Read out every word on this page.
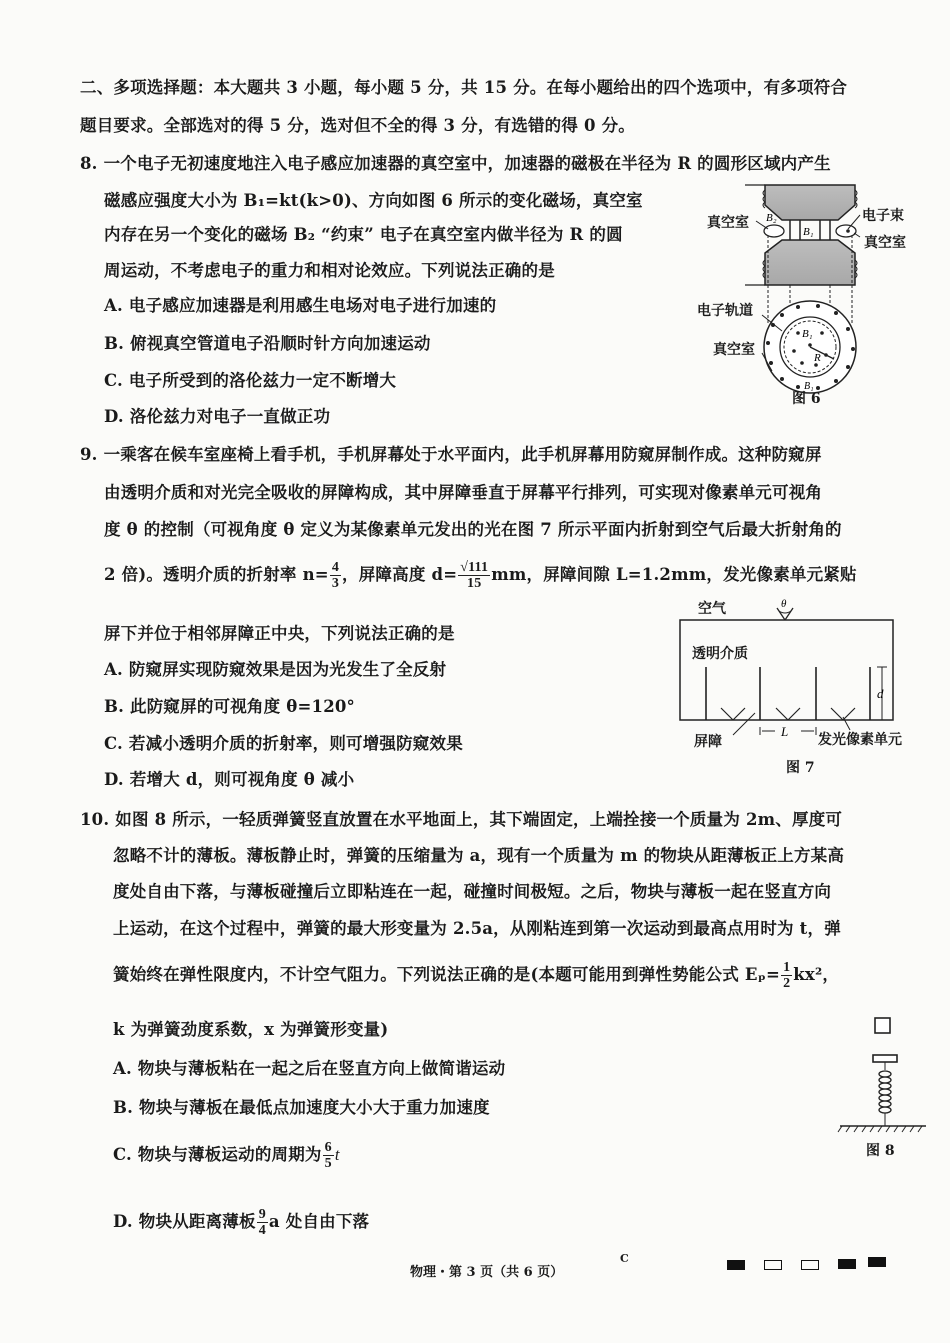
二、多项选择题：本大题共 3 小题，每小题 5 分，共 15 分。在每小题给出的四个选项中，有多项符合
题目要求。全部选对的得 5 分，选对但不全的得 3 分，有选错的得 0 分。
8. 一个电子无初速度地注入电子感应加速器的真空室中，加速器的磁极在半径为 R 的圆形区域内产生
磁感应强度大小为 B₁=kt(k>0)、方向如图 6 所示的变化磁场，真空室
内存在另一个变化的磁场 B₂ “约束” 电子在真空室内做半径为 R 的圆
周运动，不考虑电子的重力和相对论效应。下列说法正确的是
A. 电子感应加速器是利用感生电场对电子进行加速的
B. 俯视真空管道电子沿顺时针方向加速运动
C. 电子所受到的洛伦兹力一定不断增大
D. 洛伦兹力对电子一直做正功
B₁
B₂
B₁
R
B₁
真空室	电子束
真空室
电子轨道
真空室
图 6
9. 一乘客在候车室座椅上看手机，手机屏幕处于水平面内，此手机屏幕用防窥屏制作成。这种防窥屏
由透明介质和对光完全吸收的屏障构成，其中屏障垂直于屏幕平行排列，可实现对像素单元可视角
度 θ 的控制（可视角度 θ 定义为某像素单元发出的光在图 7 所示平面内折射到空气后最大折射角的
2 倍)。透明介质的折射率 $n= \frac{4}{3}$ ，屏障高度 $d= \frac{√111}{15}$ mm，屏障间隙 L=1.2mm，发光像素单元紧贴
屏下并位于相邻屏障正中央，下列说法正确的是
A. 防窥屏实现防窥效果是因为光发生了全反射
B. 此防窥屏的可视角度 θ=120°
C. 若减小透明介质的折射率，则可增强防窥效果
D. 若增大 d，则可视角度 θ 减小
d
L
θ
空气
透明介质
屏障	发光像素单元
图 7
10. 如图 8 所示，一轻质弹簧竖直放置在水平地面上，其下端固定，上端拴接一个质量为 2m、厚度可
忽略不计的薄板。薄板静止时，弹簧的压缩量为 a，现有一个质量为 m 的物块从距薄板正上方某高
度处自由下落，与薄板碰撞后立即粘连在一起，碰撞时间极短。之后，物块与薄板一起在竖直方向
上运动，在这个过程中，弹簧的最大形变量为 2.5a，从刚粘连到第一次运动到最高点用时为 t，弹
簧始终在弹性限度内，不计空气阻力。下列说法正确的是(本题可能用到弹性势能公式 $E_p= \frac{1}{2} kx^2$，
k 为弹簧劲度系数，x 为弹簧形变量)
A. 物块与薄板粘在一起之后在竖直方向上做简谐运动
B. 物块与薄板在最低点加速度大小大于重力加速度
C. 物块与薄板运动的周期为 $\frac{6}{5}$ t
D. 物块从距离薄板 $\frac{9}{4}$ a 处自由下落
图 8
物理・第 3 页（共 6 页）
C
